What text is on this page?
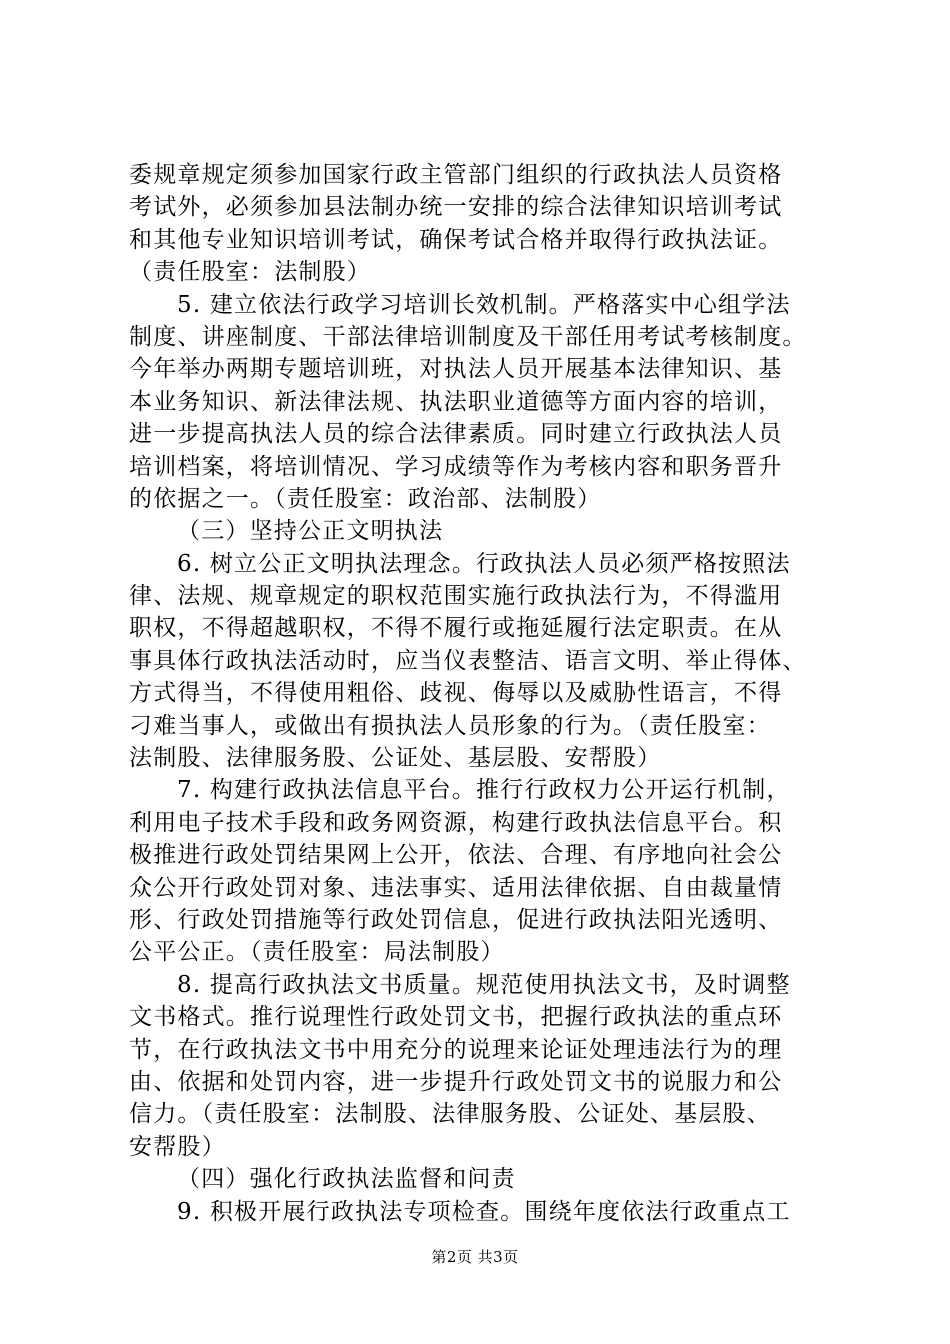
委规章规定须参加国家行政主管部门组织的行政执法人员资格
考试外，必须参加县法制办统一安排的综合法律知识培训考试
和其他专业知识培训考试，确保考试合格并取得行政执法证。
（责任股室：法制股）
5. 建立依法行政学习培训长效机制。严格落实中心组学法
制度、讲座制度、干部法律培训制度及干部任用考试考核制度。
今年举办两期专题培训班，对执法人员开展基本法律知识、基
本业务知识、新法律法规、执法职业道德等方面内容的培训，
进一步提高执法人员的综合法律素质。同时建立行政执法人员
培训档案，将培训情况、学习成绩等作为考核内容和职务晋升
的依据之一。（责任股室：政治部、法制股）
（三）坚持公正文明执法
6. 树立公正文明执法理念。行政执法人员必须严格按照法
律、法规、规章规定的职权范围实施行政执法行为，不得滥用
职权，不得超越职权，不得不履行或拖延履行法定职责。在从
事具体行政执法活动时，应当仪表整洁、语言文明、举止得体、
方式得当，不得使用粗俗、歧视、侮辱以及威胁性语言，不得
刁难当事人，或做出有损执法人员形象的行为。（责任股室：
法制股、法律服务股、公证处、基层股、安帮股）
7. 构建行政执法信息平台。推行行政权力公开运行机制，
利用电子技术手段和政务网资源，构建行政执法信息平台。积
极推进行政处罚结果网上公开，依法、合理、有序地向社会公
众公开行政处罚对象、违法事实、适用法律依据、自由裁量情
形、行政处罚措施等行政处罚信息，促进行政执法阳光透明、
公平公正。（责任股室：局法制股）
8. 提高行政执法文书质量。规范使用执法文书，及时调整
文书格式。推行说理性行政处罚文书，把握行政执法的重点环
节，在行政执法文书中用充分的说理来论证处理违法行为的理
由、依据和处罚内容，进一步提升行政处罚文书的说服力和公
信力。（责任股室：法制股、法律服务股、公证处、基层股、
安帮股）
（四）强化行政执法监督和问责
9. 积极开展行政执法专项检查。围绕年度依法行政重点工
第2页 共3页
